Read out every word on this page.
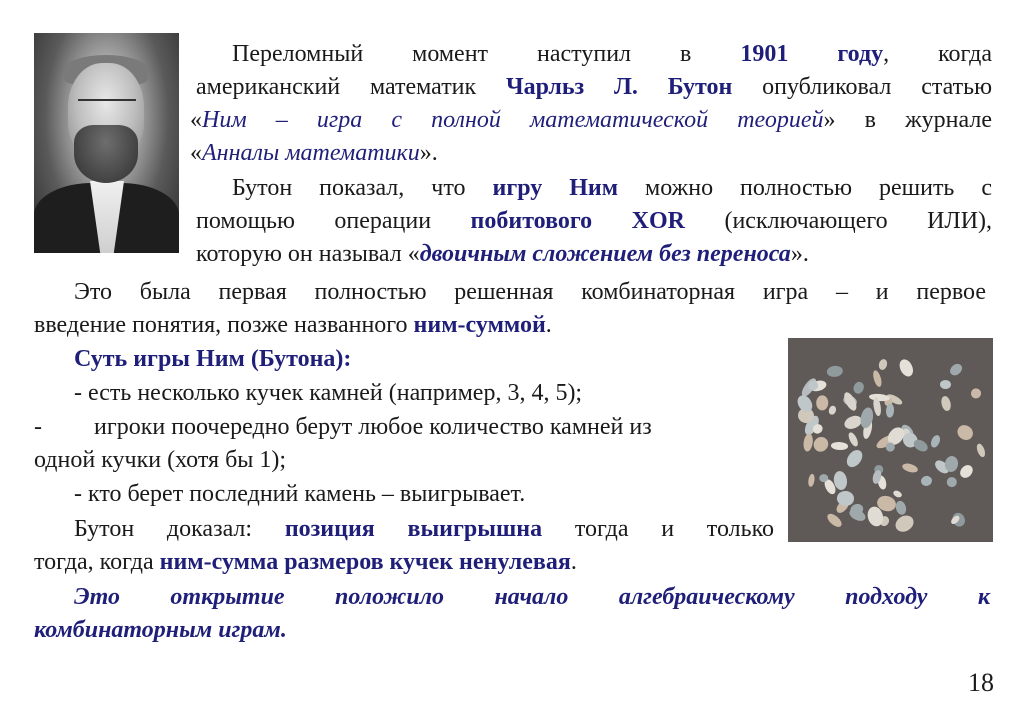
Переломный момент наступил в 1901 году, когда
американский математик Чарльз Л. Бутон опубликовал статью
«Ним – игра с полной математической теорией» в журнале
«Анналы математики».
Бутон показал, что игру Ним можно полностью решить с
помощью операции побитового XOR (исключающего ИЛИ),
которую он называл «двоичным сложением без переноса».
Это была первая полностью решенная комбинаторная игра – и первое
введение понятия, позже названного ним-суммой.
Суть игры Ним (Бутона):
- есть несколько кучек камней (например, 3, 4, 5);
-	игроки поочередно берут любое количество камней из
одной кучки (хотя бы 1);
- кто берет последний камень – выигрывает.
Бутон доказал: позиция выигрышна тогда и только
тогда, когда ним-сумма размеров кучек ненулевая.
Это открытие положило начало алгебраическому подходу к
комбинаторным играм.
18
